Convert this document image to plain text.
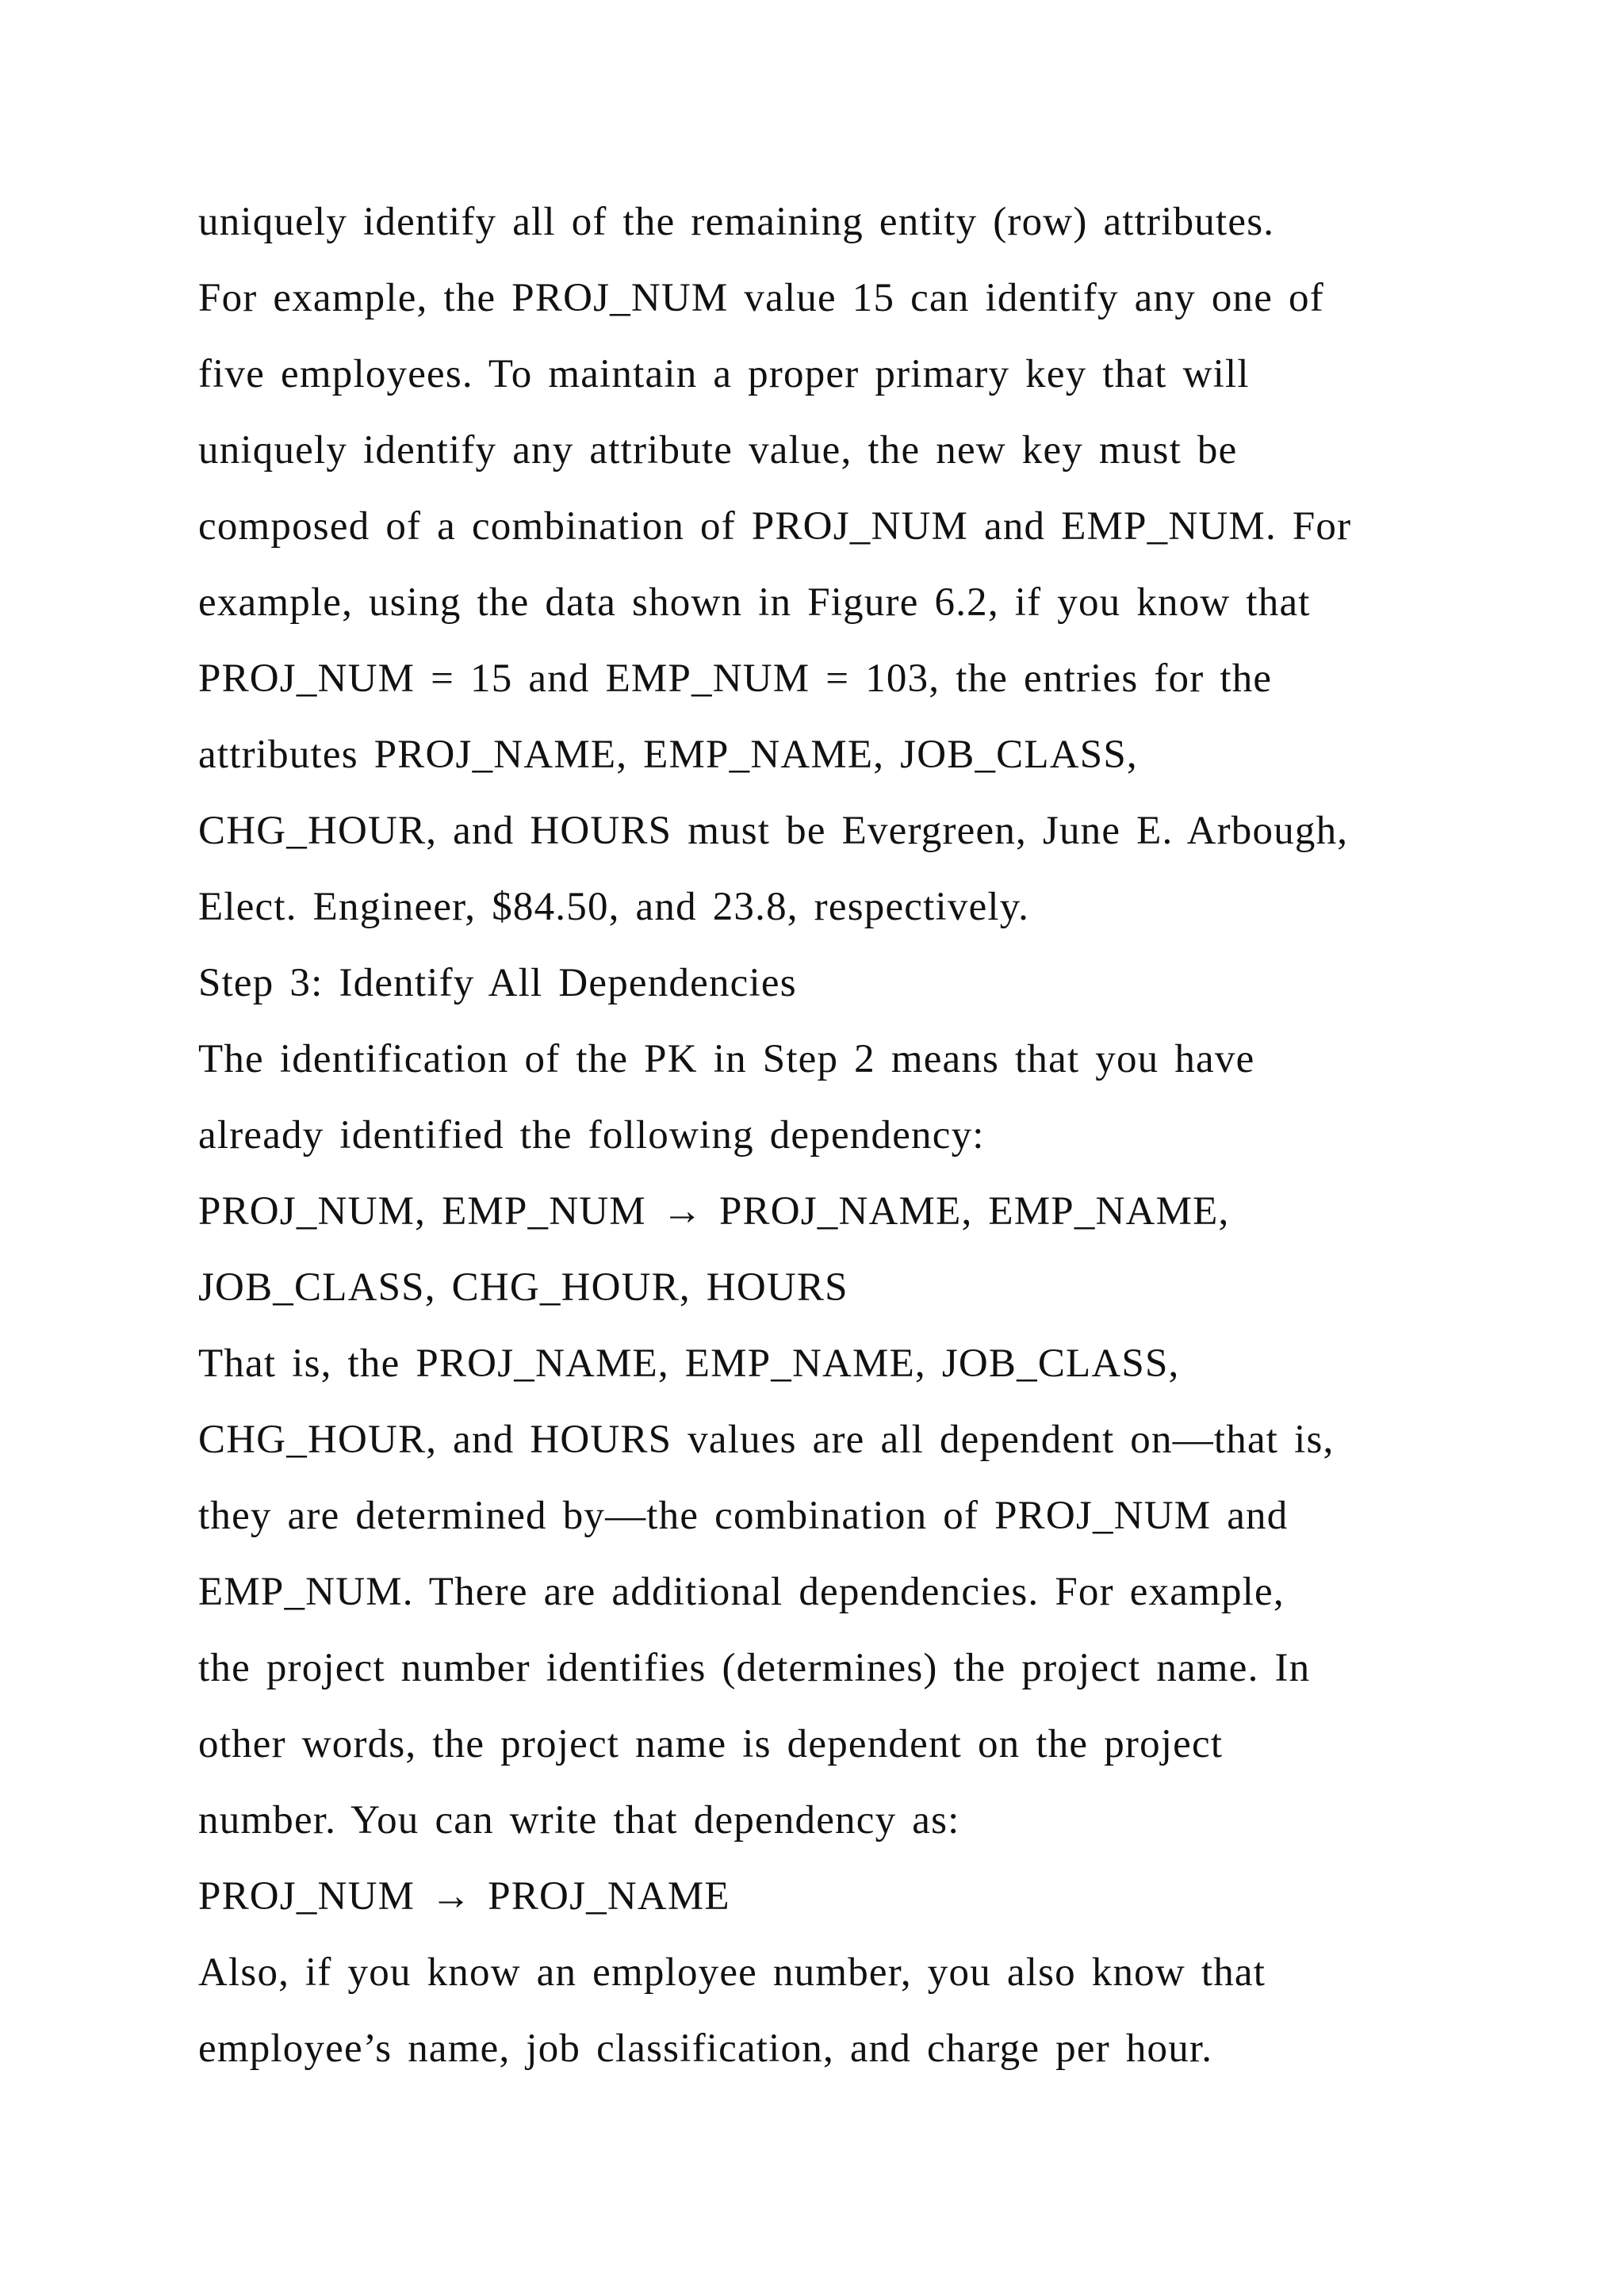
uniquely identify all of the remaining entity (row) attributes.
For example, the PROJ_NUM value 15 can identify any one of
five employees. To maintain a proper primary key that will
uniquely identify any attribute value, the new key must be
composed of a combination of PROJ_NUM and EMP_NUM. For
example, using the data shown in Figure 6.2, if you know that
PROJ_NUM = 15 and EMP_NUM = 103, the entries for the
attributes PROJ_NAME, EMP_NAME, JOB_CLASS,
CHG_HOUR, and HOURS must be Evergreen, June E. Arbough,
Elect. Engineer, $84.50, and 23.8, respectively.
Step 3: Identify All Dependencies
The identification of the PK in Step 2 means that you have
already identified the following dependency:
PROJ_NUM, EMP_NUM → PROJ_NAME, EMP_NAME,
JOB_CLASS, CHG_HOUR, HOURS
That is, the PROJ_NAME, EMP_NAME, JOB_CLASS,
CHG_HOUR, and HOURS values are all dependent on—that is,
they are determined by—the combination of PROJ_NUM and
EMP_NUM. There are additional dependencies. For example,
the project number identifies (determines) the project name. In
other words, the project name is dependent on the project
number. You can write that dependency as:
PROJ_NUM → PROJ_NAME
Also, if you know an employee number, you also know that
employee’s name, job classification, and charge per hour.
